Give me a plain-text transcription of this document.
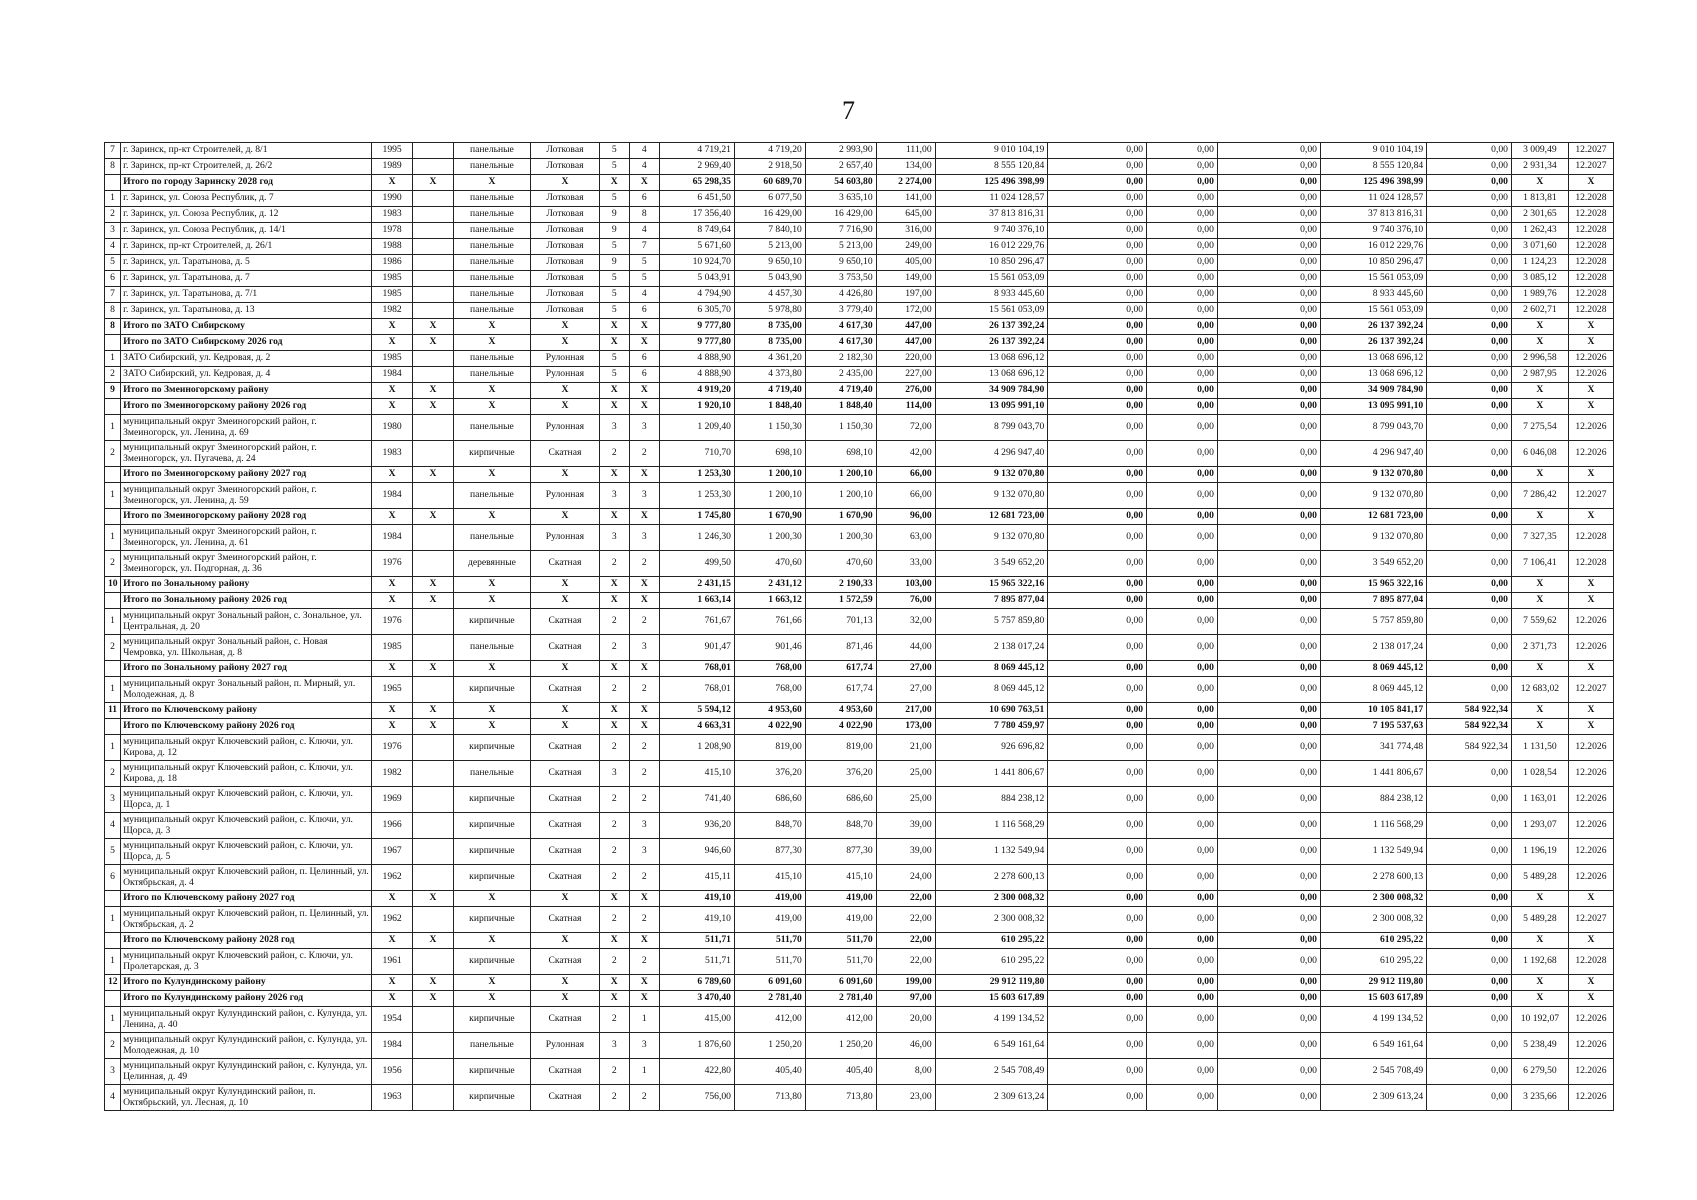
7
7	г. Заринск, пр-кт Строителей, д. 8/1	1995		панельные	Лотковая	5	4	4 719,21	4 719,20	2 993,90	111,00	9 010 104,19	0,00	0,00	0,00	9 010 104,19	0,00	3 009,49	12.2027
8	г. Заринск, пр-кт Строителей, д. 26/2	1989		панельные	Лотковая	5	4	2 969,40	2 918,50	2 657,40	134,00	8 555 120,84	0,00	0,00	0,00	8 555 120,84	0,00	2 931,34	12.2027
	Итого по городу Заринску 2028 год	X	X	X	X	X	X	65 298,35	60 689,70	54 603,80	2 274,00	125 496 398,99	0,00	0,00	0,00	125 496 398,99	0,00	X	X
1	г. Заринск, ул. Союза Республик, д. 7	1990		панельные	Лотковая	5	6	6 451,50	6 077,50	3 635,10	141,00	11 024 128,57	0,00	0,00	0,00	11 024 128,57	0,00	1 813,81	12.2028
2	г. Заринск, ул. Союза Республик, д. 12	1983		панельные	Лотковая	9	8	17 356,40	16 429,00	16 429,00	645,00	37 813 816,31	0,00	0,00	0,00	37 813 816,31	0,00	2 301,65	12.2028
3	г. Заринск, ул. Союза Республик, д. 14/1	1978		панельные	Лотковая	9	4	8 749,64	7 840,10	7 716,90	316,00	9 740 376,10	0,00	0,00	0,00	9 740 376,10	0,00	1 262,43	12.2028
4	г. Заринск, пр-кт Строителей, д. 26/1	1988		панельные	Лотковая	5	7	5 671,60	5 213,00	5 213,00	249,00	16 012 229,76	0,00	0,00	0,00	16 012 229,76	0,00	3 071,60	12.2028
5	г. Заринск, ул. Таратынова, д. 5	1986		панельные	Лотковая	9	5	10 924,70	9 650,10	9 650,10	405,00	10 850 296,47	0,00	0,00	0,00	10 850 296,47	0,00	1 124,23	12.2028
6	г. Заринск, ул. Таратынова, д. 7	1985		панельные	Лотковая	5	5	5 043,91	5 043,90	3 753,50	149,00	15 561 053,09	0,00	0,00	0,00	15 561 053,09	0,00	3 085,12	12.2028
7	г. Заринск, ул. Таратынова, д. 7/1	1985		панельные	Лотковая	5	4	4 794,90	4 457,30	4 426,80	197,00	8 933 445,60	0,00	0,00	0,00	8 933 445,60	0,00	1 989,76	12.2028
8	г. Заринск, ул. Таратынова, д. 13	1982		панельные	Лотковая	5	6	6 305,70	5 978,80	3 779,40	172,00	15 561 053,09	0,00	0,00	0,00	15 561 053,09	0,00	2 602,71	12.2028
8	Итого по ЗАТО Сибирскому	X	X	X	X	X	X	9 777,80	8 735,00	4 617,30	447,00	26 137 392,24	0,00	0,00	0,00	26 137 392,24	0,00	X	X
	Итого по ЗАТО Сибирскому 2026 год	X	X	X	X	X	X	9 777,80	8 735,00	4 617,30	447,00	26 137 392,24	0,00	0,00	0,00	26 137 392,24	0,00	X	X
1	ЗАТО Сибирский, ул. Кедровая, д. 2	1985		панельные	Рулонная	5	6	4 888,90	4 361,20	2 182,30	220,00	13 068 696,12	0,00	0,00	0,00	13 068 696,12	0,00	2 996,58	12.2026
2	ЗАТО Сибирский, ул. Кедровая, д. 4	1984		панельные	Рулонная	5	6	4 888,90	4 373,80	2 435,00	227,00	13 068 696,12	0,00	0,00	0,00	13 068 696,12	0,00	2 987,95	12.2026
9	Итого по Змеиногорскому району	X	X	X	X	X	X	4 919,20	4 719,40	4 719,40	276,00	34 909 784,90	0,00	0,00	0,00	34 909 784,90	0,00	X	X
	Итого по Змеиногорскому району 2026 год	X	X	X	X	X	X	1 920,10	1 848,40	1 848,40	114,00	13 095 991,10	0,00	0,00	0,00	13 095 991,10	0,00	X	X
1	муниципальный округ Змеиногорский район, г. Змеиногорск, ул. Ленина, д. 69	1980		панельные	Рулонная	3	3	1 209,40	1 150,30	1 150,30	72,00	8 799 043,70	0,00	0,00	0,00	8 799 043,70	0,00	7 275,54	12.2026
2	муниципальный округ Змеиногорский район, г. Змеиногорск, ул. Пугачева, д. 24	1983		кирпичные	Скатная	2	2	710,70	698,10	698,10	42,00	4 296 947,40	0,00	0,00	0,00	4 296 947,40	0,00	6 046,08	12.2026
	Итого по Змеиногорскому району 2027 год	X	X	X	X	X	X	1 253,30	1 200,10	1 200,10	66,00	9 132 070,80	0,00	0,00	0,00	9 132 070,80	0,00	X	X
1	муниципальный округ Змеиногорский район, г. Змеиногорск, ул. Ленина, д. 59	1984		панельные	Рулонная	3	3	1 253,30	1 200,10	1 200,10	66,00	9 132 070,80	0,00	0,00	0,00	9 132 070,80	0,00	7 286,42	12.2027
	Итого по Змеиногорскому району 2028 год	X	X	X	X	X	X	1 745,80	1 670,90	1 670,90	96,00	12 681 723,00	0,00	0,00	0,00	12 681 723,00	0,00	X	X
1	муниципальный округ Змеиногорский район, г. Змеиногорск, ул. Ленина, д. 61	1984		панельные	Рулонная	3	3	1 246,30	1 200,30	1 200,30	63,00	9 132 070,80	0,00	0,00	0,00	9 132 070,80	0,00	7 327,35	12.2028
2	муниципальный округ Змеиногорский район, г. Змеиногорск, ул. Подгорная, д. 36	1976		деревянные	Скатная	2	2	499,50	470,60	470,60	33,00	3 549 652,20	0,00	0,00	0,00	3 549 652,20	0,00	7 106,41	12.2028
10	Итого по Зональному району	X	X	X	X	X	X	2 431,15	2 431,12	2 190,33	103,00	15 965 322,16	0,00	0,00	0,00	15 965 322,16	0,00	X	X
	Итого по Зональному району 2026 год	X	X	X	X	X	X	1 663,14	1 663,12	1 572,59	76,00	7 895 877,04	0,00	0,00	0,00	7 895 877,04	0,00	X	X
1	муниципальный округ Зональный район, с. Зональное, ул. Центральная, д. 20	1976		кирпичные	Скатная	2	2	761,67	761,66	701,13	32,00	5 757 859,80	0,00	0,00	0,00	5 757 859,80	0,00	7 559,62	12.2026
2	муниципальный округ Зональный район, с. Новая Чемровка, ул. Школьная, д. 8	1985		панельные	Скатная	2	3	901,47	901,46	871,46	44,00	2 138 017,24	0,00	0,00	0,00	2 138 017,24	0,00	2 371,73	12.2026
	Итого по Зональному району 2027 год	X	X	X	X	X	X	768,01	768,00	617,74	27,00	8 069 445,12	0,00	0,00	0,00	8 069 445,12	0,00	X	X
1	муниципальный округ Зональный район, п. Мирный, ул. Молодежная, д. 8	1965		кирпичные	Скатная	2	2	768,01	768,00	617,74	27,00	8 069 445,12	0,00	0,00	0,00	8 069 445,12	0,00	12 683,02	12.2027
11	Итого по Ключевскому району	X	X	X	X	X	X	5 594,12	4 953,60	4 953,60	217,00	10 690 763,51	0,00	0,00	0,00	10 105 841,17	584 922,34	X	X
	Итого по Ключевскому району 2026 год	X	X	X	X	X	X	4 663,31	4 022,90	4 022,90	173,00	7 780 459,97	0,00	0,00	0,00	7 195 537,63	584 922,34	X	X
1	муниципальный округ Ключевский район, с. Ключи, ул. Кирова, д. 12	1976		кирпичные	Скатная	2	2	1 208,90	819,00	819,00	21,00	926 696,82	0,00	0,00	0,00	341 774,48	584 922,34	1 131,50	12.2026
2	муниципальный округ Ключевский район, с. Ключи, ул. Кирова, д. 18	1982		панельные	Скатная	3	2	415,10	376,20	376,20	25,00	1 441 806,67	0,00	0,00	0,00	1 441 806,67	0,00	1 028,54	12.2026
3	муниципальный округ Ключевский район, с. Ключи, ул. Щорса, д. 1	1969		кирпичные	Скатная	2	2	741,40	686,60	686,60	25,00	884 238,12	0,00	0,00	0,00	884 238,12	0,00	1 163,01	12.2026
4	муниципальный округ Ключевский район, с. Ключи, ул. Щорса, д. 3	1966		кирпичные	Скатная	2	3	936,20	848,70	848,70	39,00	1 116 568,29	0,00	0,00	0,00	1 116 568,29	0,00	1 293,07	12.2026
5	муниципальный округ Ключевский район, с. Ключи, ул. Щорса, д. 5	1967		кирпичные	Скатная	2	3	946,60	877,30	877,30	39,00	1 132 549,94	0,00	0,00	0,00	1 132 549,94	0,00	1 196,19	12.2026
6	муниципальный округ Ключевский район, п. Целинный, ул. Октябрьская, д. 4	1962		кирпичные	Скатная	2	2	415,11	415,10	415,10	24,00	2 278 600,13	0,00	0,00	0,00	2 278 600,13	0,00	5 489,28	12.2026
	Итого по Ключевскому району 2027 год	X	X	X	X	X	X	419,10	419,00	419,00	22,00	2 300 008,32	0,00	0,00	0,00	2 300 008,32	0,00	X	X
1	муниципальный округ Ключевский район, п. Целинный, ул. Октябрьская, д. 2	1962		кирпичные	Скатная	2	2	419,10	419,00	419,00	22,00	2 300 008,32	0,00	0,00	0,00	2 300 008,32	0,00	5 489,28	12.2027
	Итого по Ключевскому району 2028 год	X	X	X	X	X	X	511,71	511,70	511,70	22,00	610 295,22	0,00	0,00	0,00	610 295,22	0,00	X	X
1	муниципальный округ Ключевский район, с. Ключи, ул. Пролетарская, д. 3	1961		кирпичные	Скатная	2	2	511,71	511,70	511,70	22,00	610 295,22	0,00	0,00	0,00	610 295,22	0,00	1 192,68	12.2028
12	Итого по Кулундинскому району	X	X	X	X	X	X	6 789,60	6 091,60	6 091,60	199,00	29 912 119,80	0,00	0,00	0,00	29 912 119,80	0,00	X	X
	Итого по Кулундинскому району 2026 год	X	X	X	X	X	X	3 470,40	2 781,40	2 781,40	97,00	15 603 617,89	0,00	0,00	0,00	15 603 617,89	0,00	X	X
1	муниципальный округ Кулундинский район, с. Кулунда, ул. Ленина, д. 40	1954		кирпичные	Скатная	2	1	415,00	412,00	412,00	20,00	4 199 134,52	0,00	0,00	0,00	4 199 134,52	0,00	10 192,07	12.2026
2	муниципальный округ Кулундинский район, с. Кулунда, ул. Молодежная, д. 10	1984		панельные	Рулонная	3	3	1 876,60	1 250,20	1 250,20	46,00	6 549 161,64	0,00	0,00	0,00	6 549 161,64	0,00	5 238,49	12.2026
3	муниципальный округ Кулундинский район, с. Кулунда, ул. Целинная, д. 49	1956		кирпичные	Скатная	2	1	422,80	405,40	405,40	8,00	2 545 708,49	0,00	0,00	0,00	2 545 708,49	0,00	6 279,50	12.2026
4	муниципальный округ Кулундинский район, п. Октябрьский, ул. Лесная, д. 10	1963		кирпичные	Скатная	2	2	756,00	713,80	713,80	23,00	2 309 613,24	0,00	0,00	0,00	2 309 613,24	0,00	3 235,66	12.2026
